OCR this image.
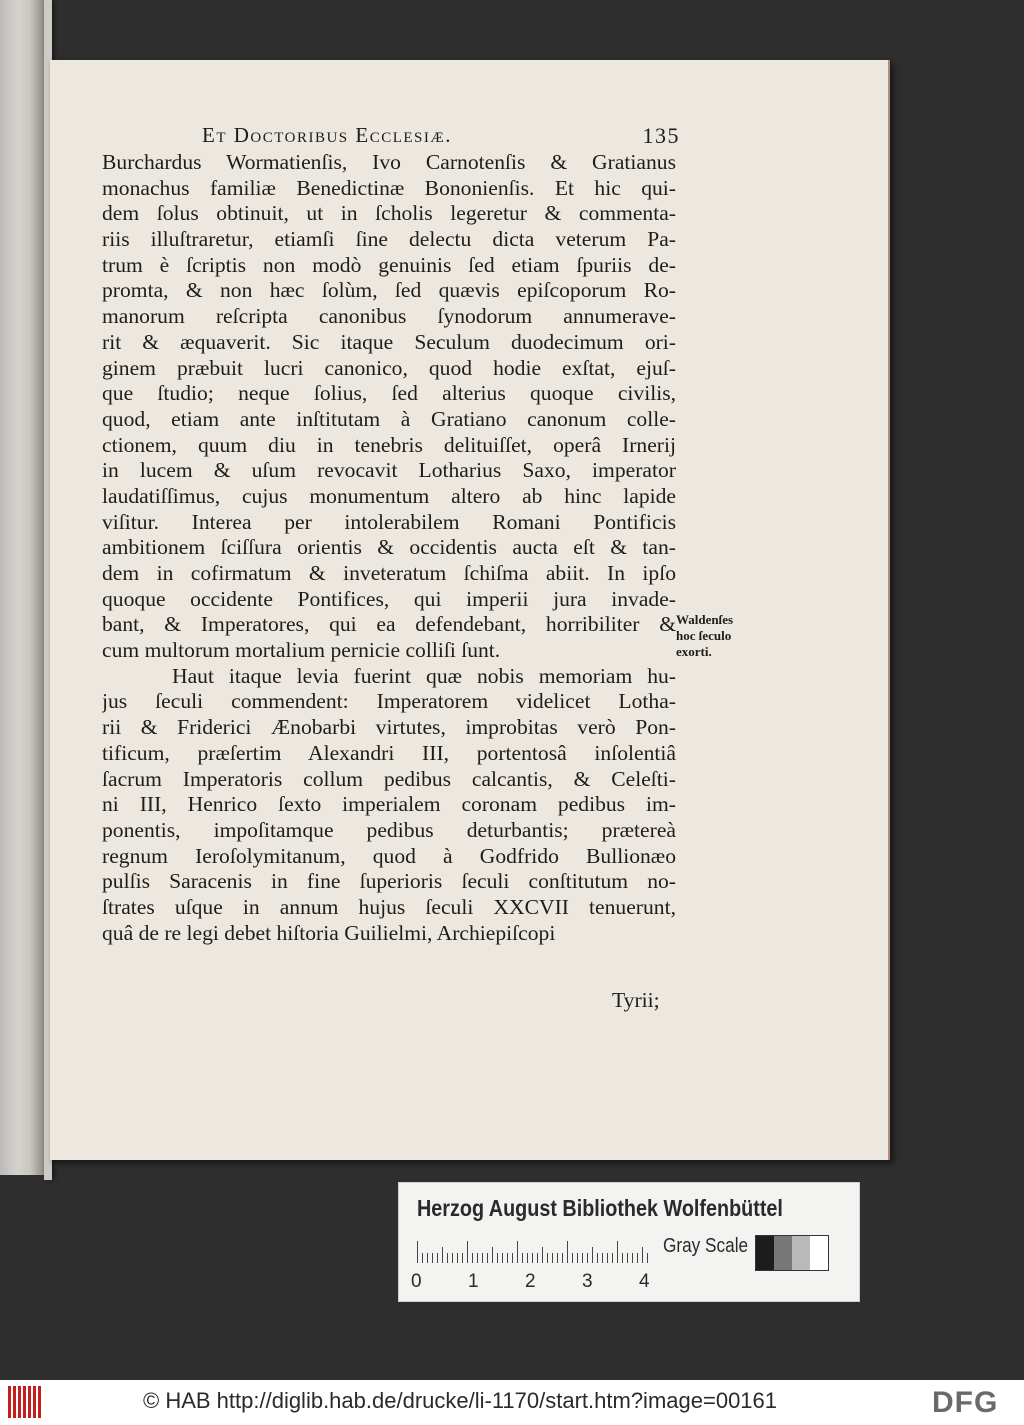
Et Doctoribus Ecclesiæ.	135
Burchardus Wormatienſis, Ivo Carnotenſis & Gratianus
monachus familiæ Benedictinæ Bononienſis. Et hic qui-
dem ſolus obtinuit, ut in ſcholis legeretur & commenta-
riis illuſtraretur, etiamſi ſine delectu dicta veterum Pa-
trum è ſcriptis non modò genuinis ſed etiam ſpuriis de-
promta, & non hæc ſolùm, ſed quævis epiſcoporum Ro-
manorum reſcripta canonibus ſynodorum annumerave-
rit & æquaverit. Sic itaque Seculum duodecimum ori-
ginem præbuit lucri canonico, quod hodie exſtat, ejuſ-
que ſtudio; neque ſolius, ſed alterius quoque civilis,
quod, etiam ante inſtitutam à Gratiano canonum colle-
ctionem, quum diu in tenebris delituiſſet, operâ Irnerij
in lucem & uſum revocavit Lotharius Saxo, imperator
laudatiſſimus, cujus monumentum altero ab hinc lapide
viſitur. Interea per intolerabilem Romani Pontificis
ambitionem ſciſſura orientis & occidentis aucta eſt & tan-
dem in cofirmatum & inveteratum ſchiſma abiit. In ipſo
quoque occidente Pontifices, qui imperii jura invade-
bant, & Imperatores, qui ea defendebant, horribiliter &
cum multorum mortalium pernicie colliſi ſunt.
Haut itaque levia fuerint quæ nobis memoriam hu-
jus ſeculi commendent: Imperatorem videlicet Lotha-
rii & Friderici Ænobarbi virtutes, improbitas verò Pon-
tificum, præſertim Alexandri III, portentosâ inſolentiâ
ſacrum Imperatoris collum pedibus calcantis, & Celeſti-
ni III, Henrico ſexto imperialem coronam pedibus im-
ponentis, impoſitamque pedibus deturbantis; prætereà
regnum Ieroſolymitanum, quod à Godfrido Bullionæo
pulſis Saracenis in fine ſuperioris ſeculi conſtitutum no-
ſtrates uſque in annum hujus ſeculi XXCVII tenuerunt,
quâ de re legi debet hiſtoria Guilielmi, Archiepiſcopi
Tyrii;
Waldenſes
hoc ſeculo
exorti.
Herzog August Bibliothek Wolfenbüttel
0 1 2 3 4
Gray Scale
© HAB http://diglib.hab.de/drucke/li-1170/start.htm?image=00161	DFG
